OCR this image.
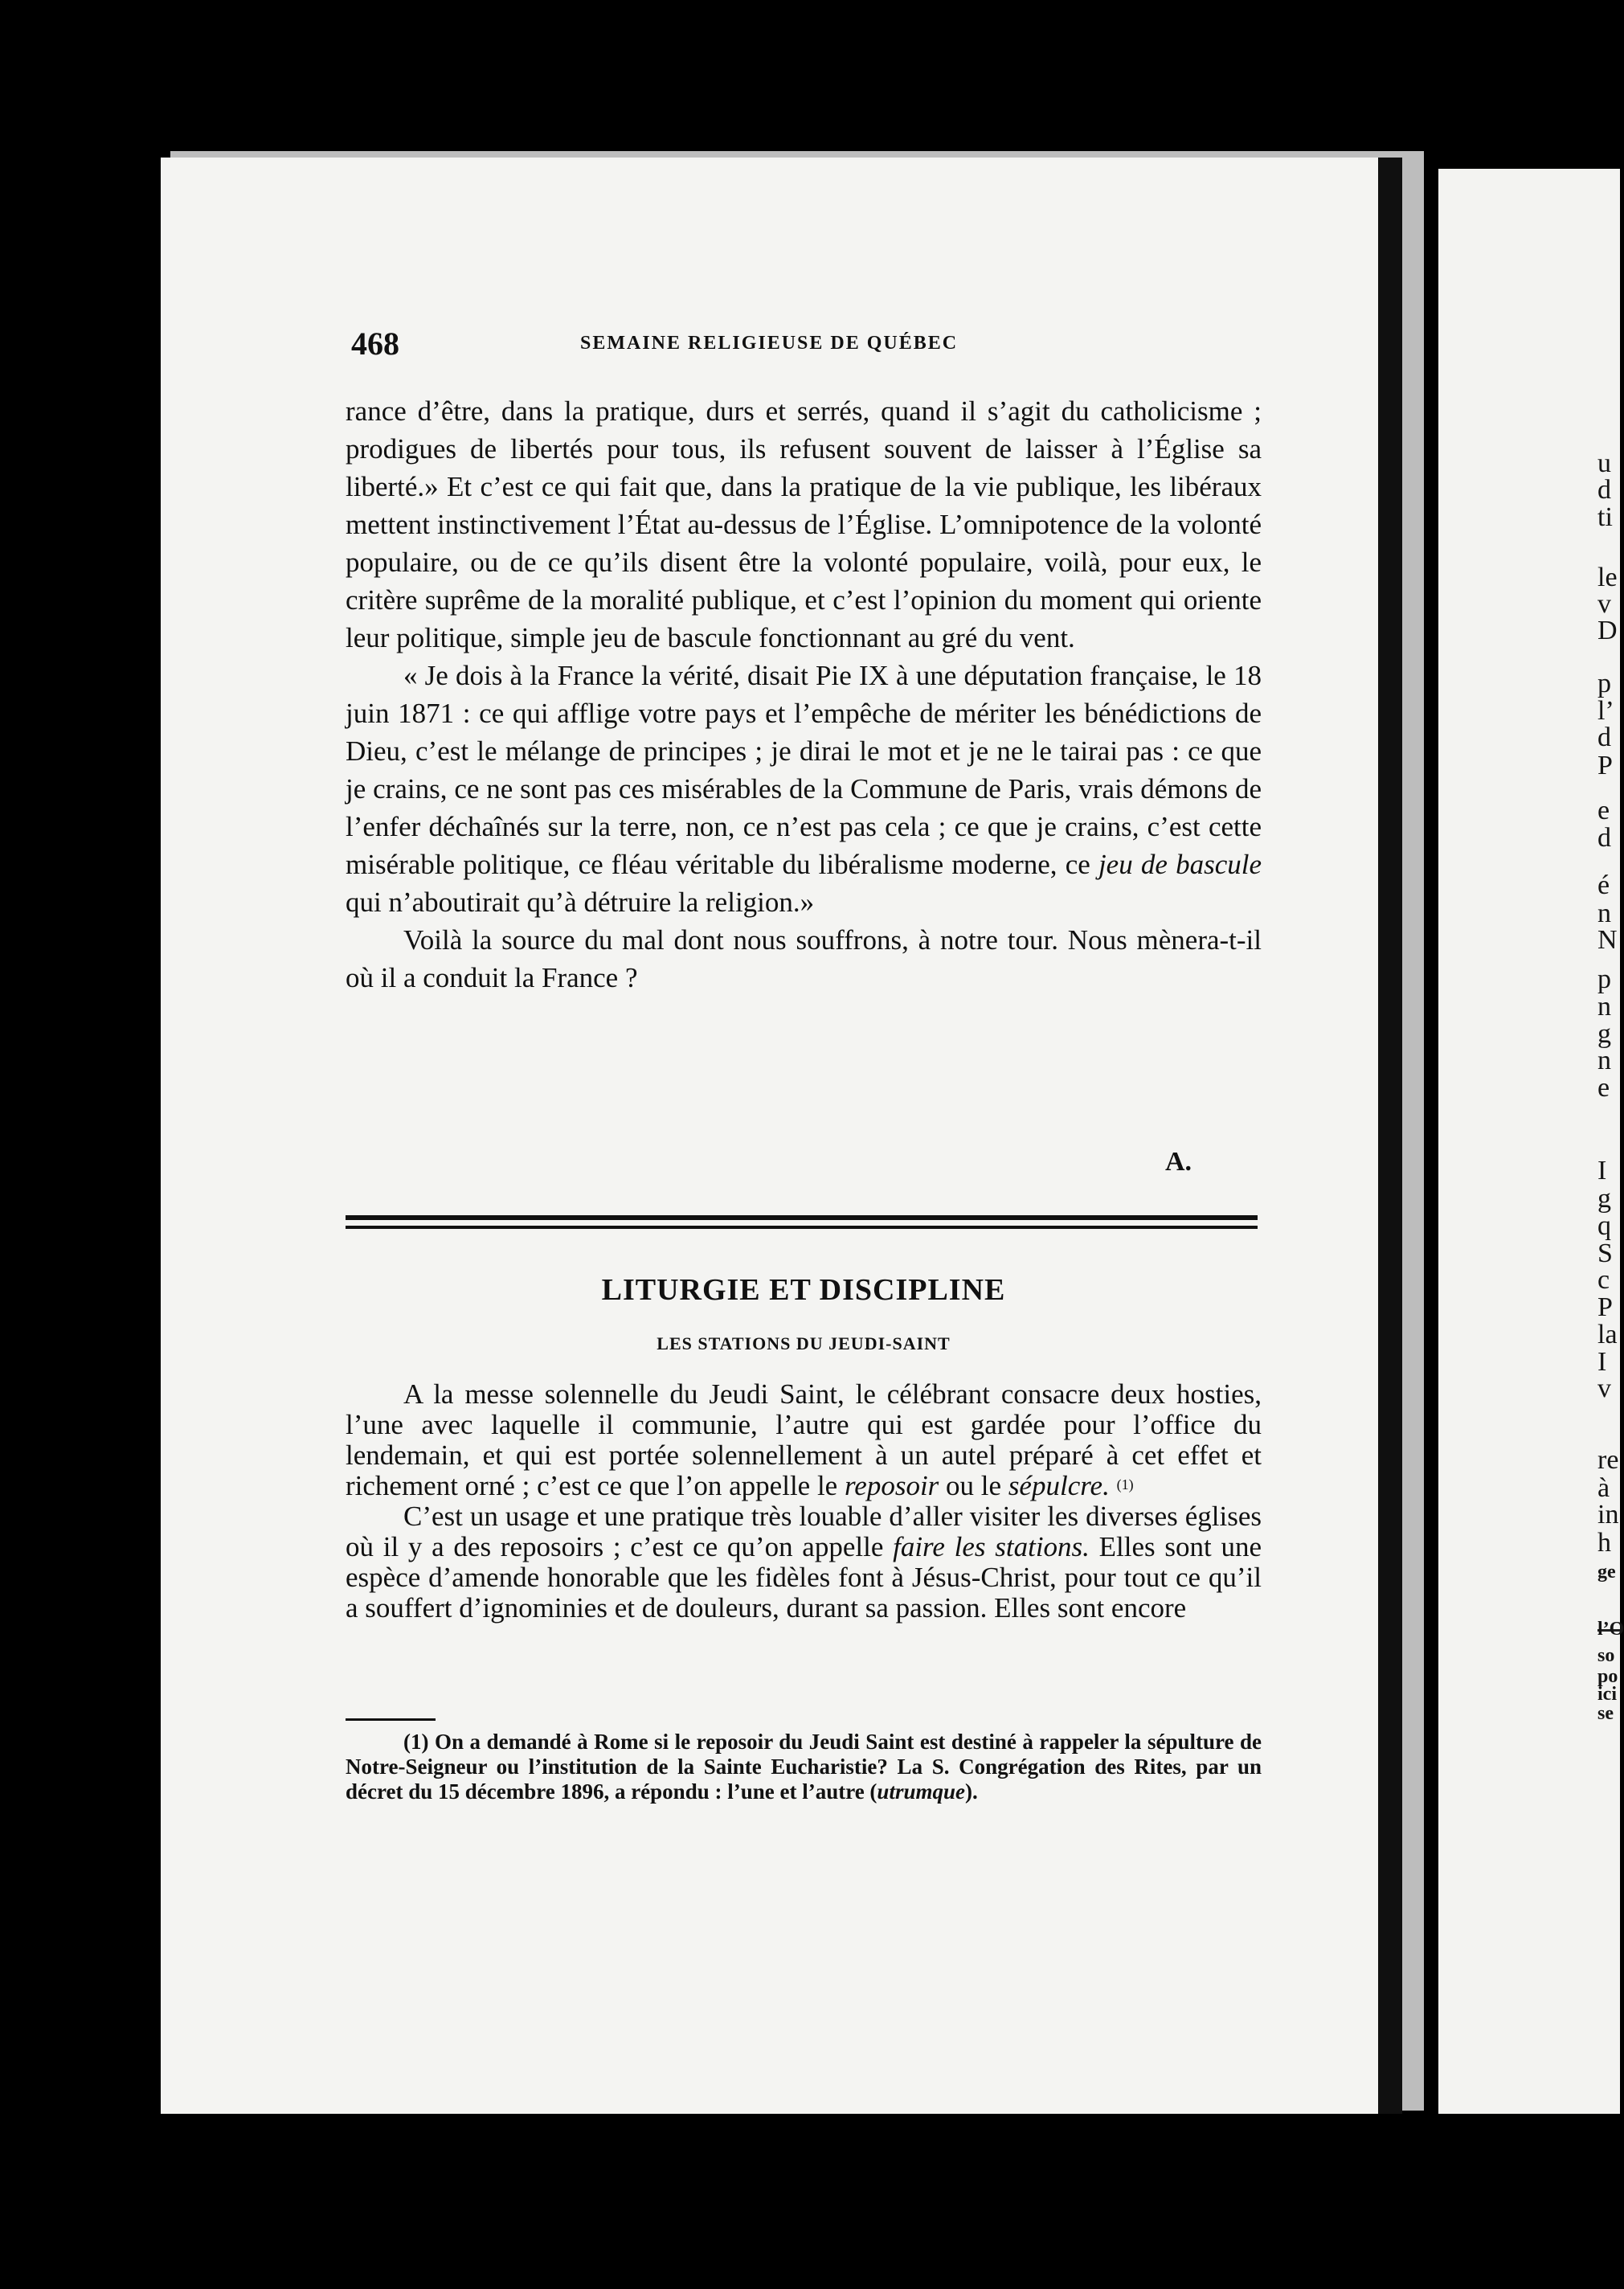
u
d
ti
le
v
D
p
l’
d
P
e
d
é
n
N
p
n
g
n
e
I
g
q
S
c
P
la
I
v
re
à
in
h
ge
l’O
so
po
ici
se
468	SEMAINE RELIGIEUSE DE QUÉBEC

rance d’être, dans la pratique, durs et serrés, quand il s’agit du catholicisme ; prodigues de libertés pour tous, ils refusent souvent de laisser à l’Église sa liberté.» Et c’est ce qui fait que, dans la pratique de la vie publique, les libéraux mettent instinctivement l’État au-dessus de l’Église. L’omnipotence de la volonté populaire, ou de ce qu’ils disent être la volonté populaire, voilà, pour eux, le critère suprême de la moralité publique, et c’est l’opinion du moment qui oriente leur politique, simple jeu de bascule fonctionnant au gré du vent.

« Je dois à la France la vérité, disait Pie IX à une députation française, le 18 juin 1871 : ce qui afflige votre pays et l’empêche de mériter les bénédictions de Dieu, c’est le mélange de principes ; je dirai le mot et je ne le tairai pas : ce que je crains, ce ne sont pas ces misérables de la Commune de Paris, vrais démons de l’enfer déchaînés sur la terre, non, ce n’est pas cela ; ce que je crains, c’est cette misérable politique, ce fléau véritable du libéralisme moderne, ce jeu de bascule qui n’aboutirait qu’à détruire la religion.»

Voilà la source du mal dont nous souffrons, à notre tour. Nous mènera-t-il où il a conduit la France ?

A.
LITURGIE ET DISCIPLINE
LES STATIONS DU JEUDI-SAINT

A la messe solennelle du Jeudi Saint, le célébrant consacre deux hosties, l’une avec laquelle il communie, l’autre qui est gardée pour l’office du lendemain, et qui est portée solennellement à un autel préparé à cet effet et richement orné ; c’est ce que l’on appelle le reposoir ou le sépulcre. $^{(1)}$

C’est un usage et une pratique très louable d’aller visiter les diverses églises où il y a des reposoirs ; c’est ce qu’on appelle faire les stations. Elles sont une espèce d’amende honorable que les fidèles font à Jésus-Christ, pour tout ce qu’il a souffert d’ignominies et de douleurs, durant sa passion. Elles sont encore

(1) On a demandé à Rome si le reposoir du Jeudi Saint est destiné à rappeler la sépulture de Notre-Seigneur ou l’institution de la Sainte Eucharistie? La S. Congrégation des Rites, par un décret du 15 décembre 1896, a répondu : l’une et l’autre (utrumque).
